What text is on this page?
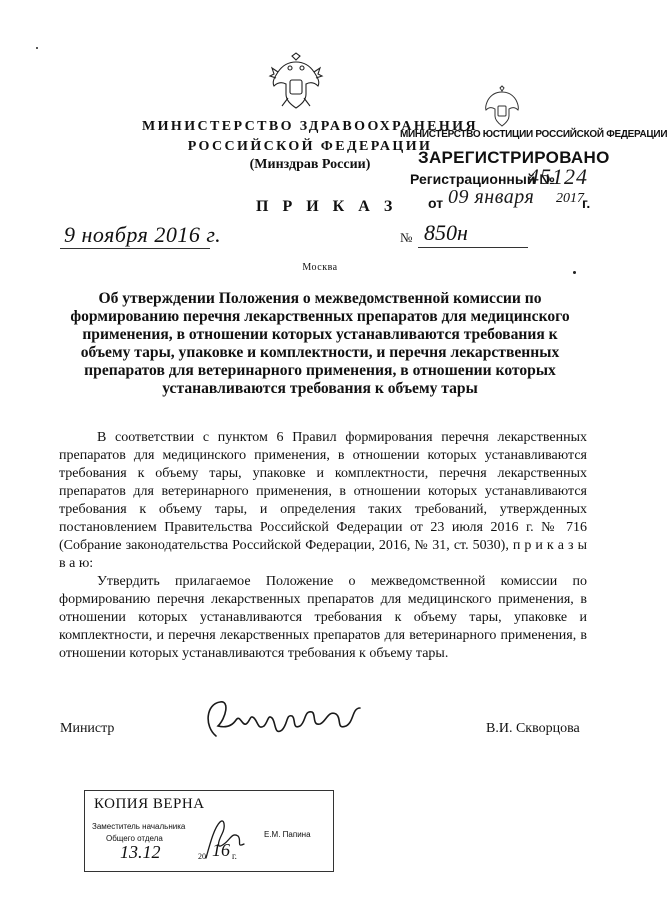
МИНИСТЕРСТВО ЗДРАВООХРАНЕНИЯ
РОССИЙСКОЙ ФЕДЕРАЦИИ
(Минздрав России)
МИНИСТЕРСТВО ЮСТИЦИИ РОССИЙСКОЙ ФЕДЕРАЦИИ
ЗАРЕГИСТРИРОВАНО
Регистрационный №
45124
от 09 января 2017
г.
П Р И К А З
9 ноября 2016 г.	№ 850н
Москва
Об утверждении Положения о межведомственной комиссии по формированию перечня лекарственных препаратов для медицинского применения, в отношении которых устанавливаются требования к объему тары, упаковке и комплектности, и перечня лекарственных препаратов для ветеринарного применения, в отношении которых устанавливаются требования к объему тары
В соответствии с пунктом 6 Правил формирования перечня лекарственных препаратов для медицинского применения, в отношении которых устанавливаются требования к объему тары, упаковке и комплектности, перечня лекарственных препаратов для ветеринарного применения, в отношении которых устанавливаются требования к объему тары, и определения таких требований, утвержденных постановлением Правительства Российской Федерации от 23 июля 2016 г. № 716 (Собрание законодательства Российской Федерации, 2016, № 31, ст. 5030), п р и к а з ы в а ю:
Утвердить прилагаемое Положение о межведомственной комиссии по формированию перечня лекарственных препаратов для медицинского применения, в отношении которых устанавливаются требования к объему тары, упаковке и комплектности, и перечня лекарственных препаратов для ветеринарного применения, в отношении которых устанавливаются требования к объему тары.
Министр	В.И. Скворцова
КОПИЯ ВЕРНА
Заместитель начальника
Общего отдела	Е.М. Папина
13.12	20 16 г.
